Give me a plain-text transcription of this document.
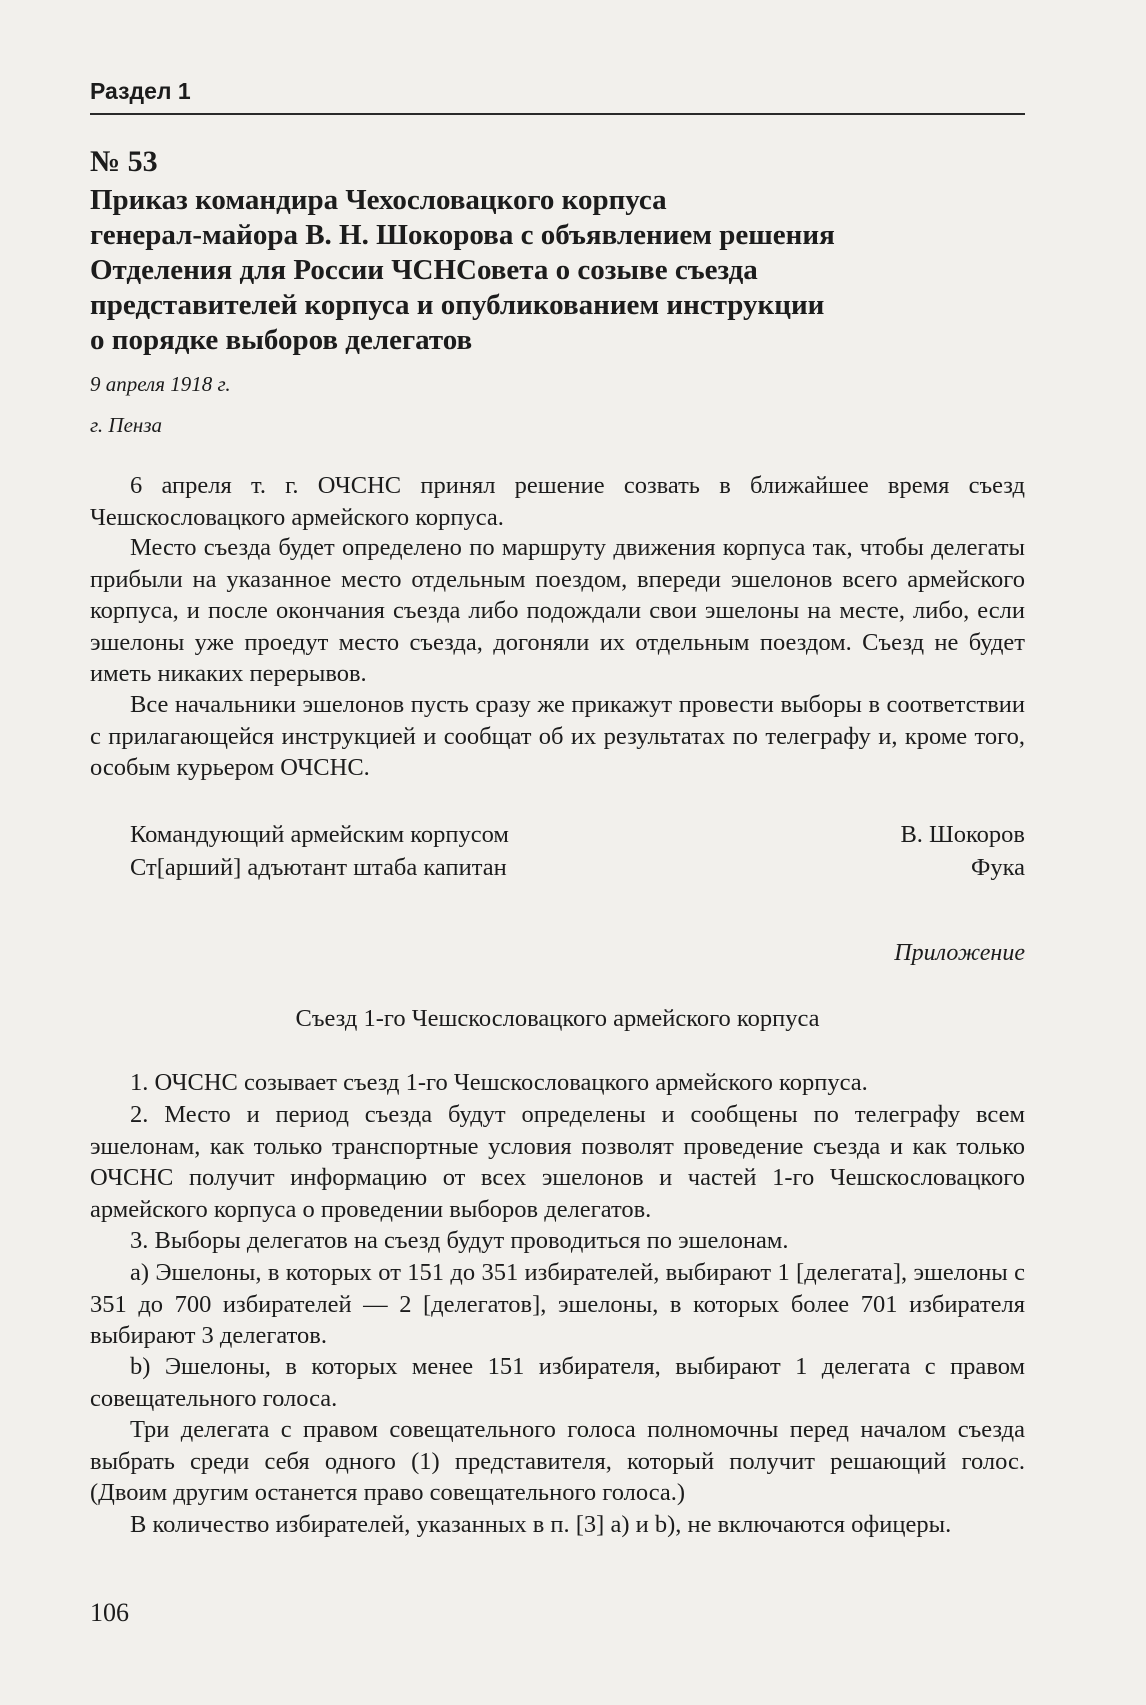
Раздел 1
№ 53
Приказ командира Чехословацкого корпуса
генерал-майора В. Н. Шокорова с объявлением решения
Отделения для России ЧСНСовета о созыве съезда
представителей корпуса и опубликованием инструкции
о порядке выборов делегатов
9 апреля 1918 г.
г. Пенза

6 апреля т. г. ОЧСНС принял решение созвать в ближайшее время съезд Чешскословацкого армейского корпуса.

Место съезда будет определено по маршруту движения корпуса так, чтобы делегаты прибыли на указанное место отдельным поездом, впереди эшелонов всего армейского корпуса, и после окончания съезда либо подождали свои эшелоны на месте, либо, если эшелоны уже проедут место съезда, догоняли их отдельным поездом. Съезд не будет иметь никаких перерывов.

Все начальники эшелонов пусть сразу же прикажут провести выборы в соответствии с прилагающейся инструкцией и сообщат об их результатах по телеграфу и, кроме того, особым курьером ОЧСНС.

Командующий армейским корпусом	В. Шокоров
Ст[арший] адъютант штаба капитан	Фука
Приложение
Съезд 1-го Чешскословацкого армейского корпуса

1. ОЧСНС созывает съезд 1-го Чешскословацкого армейского корпуса.

2. Место и период съезда будут определены и сообщены по телеграфу всем эшелонам, как только транспортные условия позволят проведение съезда и как только ОЧСНС получит информацию от всех эшелонов и частей 1-го Чешскословацкого армейского корпуса о проведении выборов делегатов.

3. Выборы делегатов на съезд будут проводиться по эшелонам.

a) Эшелоны, в которых от 151 до 351 избирателей, выбирают 1 [делегата], эшелоны с 351 до 700 избирателей — 2 [делегатов], эшелоны, в которых более 701 избирателя выбирают 3 делегатов.

b) Эшелоны, в которых менее 151 избирателя, выбирают 1 делегата с правом совещательного голоса.

Три делегата с правом совещательного голоса полномочны перед началом съезда выбрать среди себя одного (1) представителя, который получит решающий голос. (Двоим другим останется право совещательного голоса.)

В количество избирателей, указанных в п. [3] a) и b), не включаются офицеры.

106
